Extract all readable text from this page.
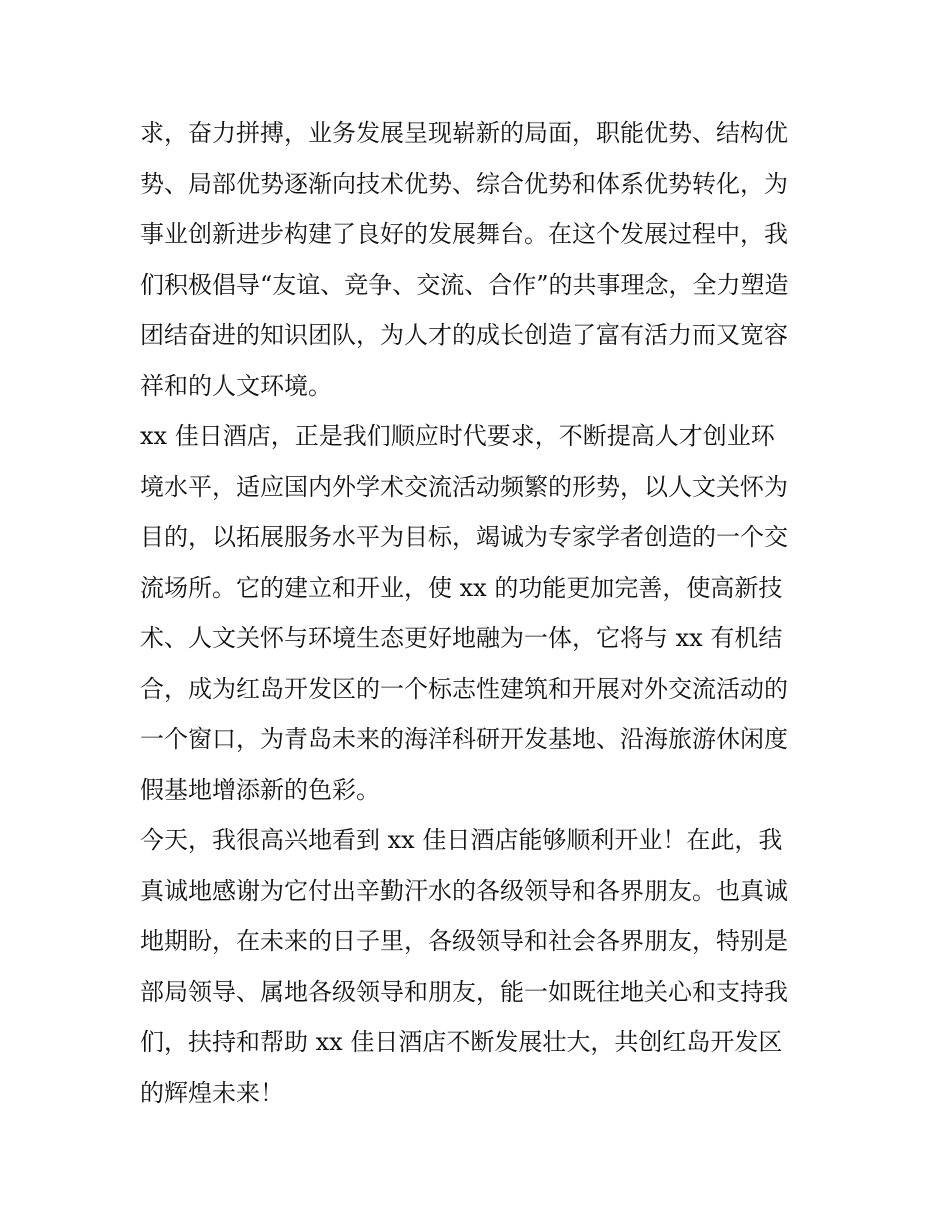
求，奋力拼搏，业务发展呈现崭新的局面，职能优势、结构优
势、局部优势逐渐向技术优势、综合优势和体系优势转化，为
事业创新进步构建了良好的发展舞台。在这个发展过程中，我
们积极倡导“友谊、竞争、交流、合作”的共事理念，全力塑造
团结奋进的知识团队，为人才的成长创造了富有活力而又宽容
祥和的人文环境。
xx 佳日酒店，正是我们顺应时代要求，不断提高人才创业环
境水平，适应国内外学术交流活动频繁的形势，以人文关怀为
目的，以拓展服务水平为目标，竭诚为专家学者创造的一个交
流场所。它的建立和开业，使 xx 的功能更加完善，使高新技
术、人文关怀与环境生态更好地融为一体，它将与 xx 有机结
合，成为红岛开发区的一个标志性建筑和开展对外交流活动的
一个窗口，为青岛未来的海洋科研开发基地、沿海旅游休闲度
假基地增添新的色彩。
今天，我很高兴地看到 xx 佳日酒店能够顺利开业！在此，我
真诚地感谢为它付出辛勤汗水的各级领导和各界朋友。也真诚
地期盼，在未来的日子里，各级领导和社会各界朋友，特别是
部局领导、属地各级领导和朋友，能一如既往地关心和支持我
们，扶持和帮助 xx 佳日酒店不断发展壮大，共创红岛开发区
的辉煌未来！
